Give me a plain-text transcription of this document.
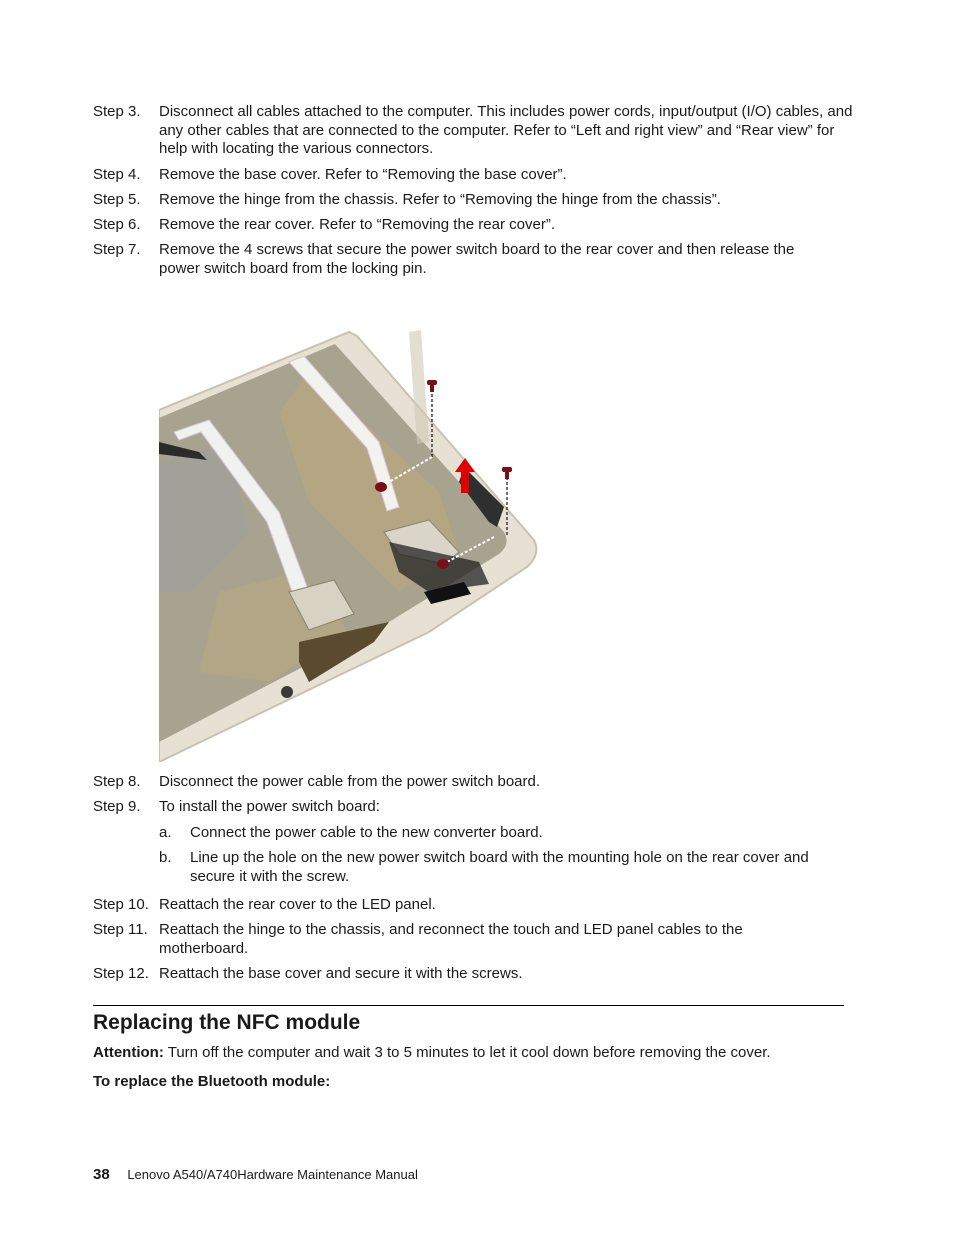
Step 3. Disconnect all cables attached to the computer. This includes power cords, input/output (I/O) cables, and any other cables that are connected to the computer. Refer to “Left and right view” and “Rear view” for help with locating the various connectors.
Step 4. Remove the base cover. Refer to “Removing the base cover”.
Step 5. Remove the hinge from the chassis. Refer to “Removing the hinge from the chassis”.
Step 6. Remove the rear cover. Refer to “Removing the rear cover”.
Step 7. Remove the 4 screws that secure the power switch board to the rear cover and then release the power switch board from the locking pin.
Step 8. Disconnect the power cable from the power switch board.
Step 9. To install the power switch board:
a. Connect the power cable to the new converter board.
b. Line up the hole on the new power switch board with the mounting hole on the rear cover and secure it with the screw.
Step 10. Reattach the rear cover to the LED panel.
Step 11. Reattach the hinge to the chassis, and reconnect the touch and LED panel cables to the motherboard.
Step 12. Reattach the base cover and secure it with the screws.
Replacing the NFC module
Attention: Turn off the computer and wait 3 to 5 minutes to let it cool down before removing the cover.
To replace the Bluetooth module:
38 Lenovo A540/A740Hardware Maintenance Manual
